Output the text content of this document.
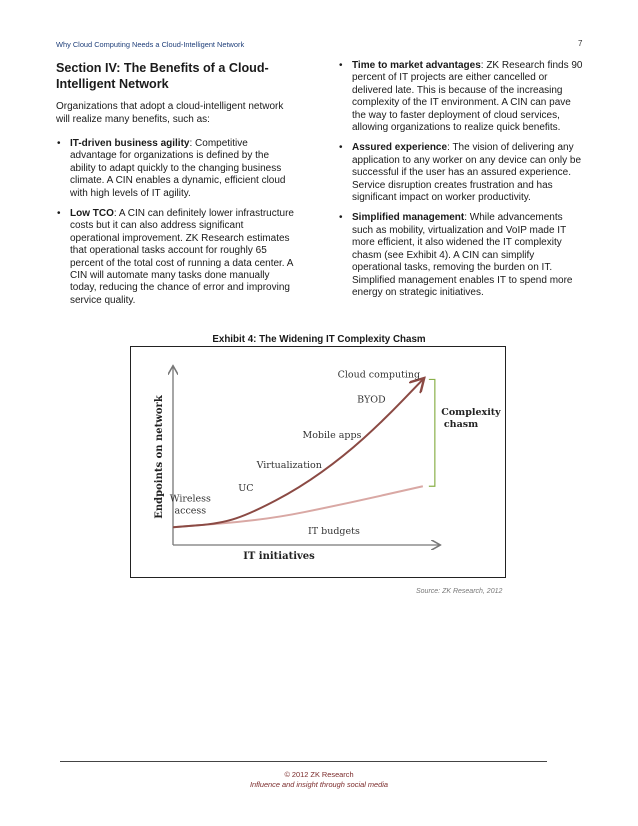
Why Cloud Computing Needs a Cloud-Intelligent Network	7
Section IV: The Benefits of a Cloud-Intelligent Network

Organizations that adopt a cloud-intelligent network will realize many benefits, such as:

• IT-driven business agility: Competitive advantage for organizations is defined by the ability to adapt quickly to the changing business climate. A CIN enables a dynamic, efficient cloud with high levels of IT agility.
• Low TCO: A CIN can definitely lower infrastructure costs but it can also address significant operational improvement. ZK Research estimates that operational tasks account for roughly 65 percent of the total cost of running a data center. A CIN will automate many tasks done manually today, reducing the chance of error and improving service quality.
• Time to market advantages: ZK Research finds 90 percent of IT projects are either cancelled or delivered late. This is because of the increasing complexity of the IT environment. A CIN can pave the way to faster deployment of cloud services, allowing organizations to realize quick benefits.
• Assured experience: The vision of delivering any application to any worker on any device can only be successful if the user has an assured experience. Service disruption creates frustration and has significant impact on worker productivity.
• Simplified management: While advancements such as mobility, virtualization and VoIP made IT more efficient, it also widened the IT complexity chasm (see Exhibit 4). A CIN can simplify operational tasks, removing the burden on IT. Simplified management enables IT to spend more energy on strategic initiatives.
Exhibit 4: The Widening IT Complexity Chasm
Endpoints on network
IT initiatives
Complexity
chasm
Wireless access
UC
Virtualization
Mobile apps
BYOD
Cloud computing
IT budgets
Source: ZK Research, 2012
© 2012 ZK Research
Influence and insight through social media
